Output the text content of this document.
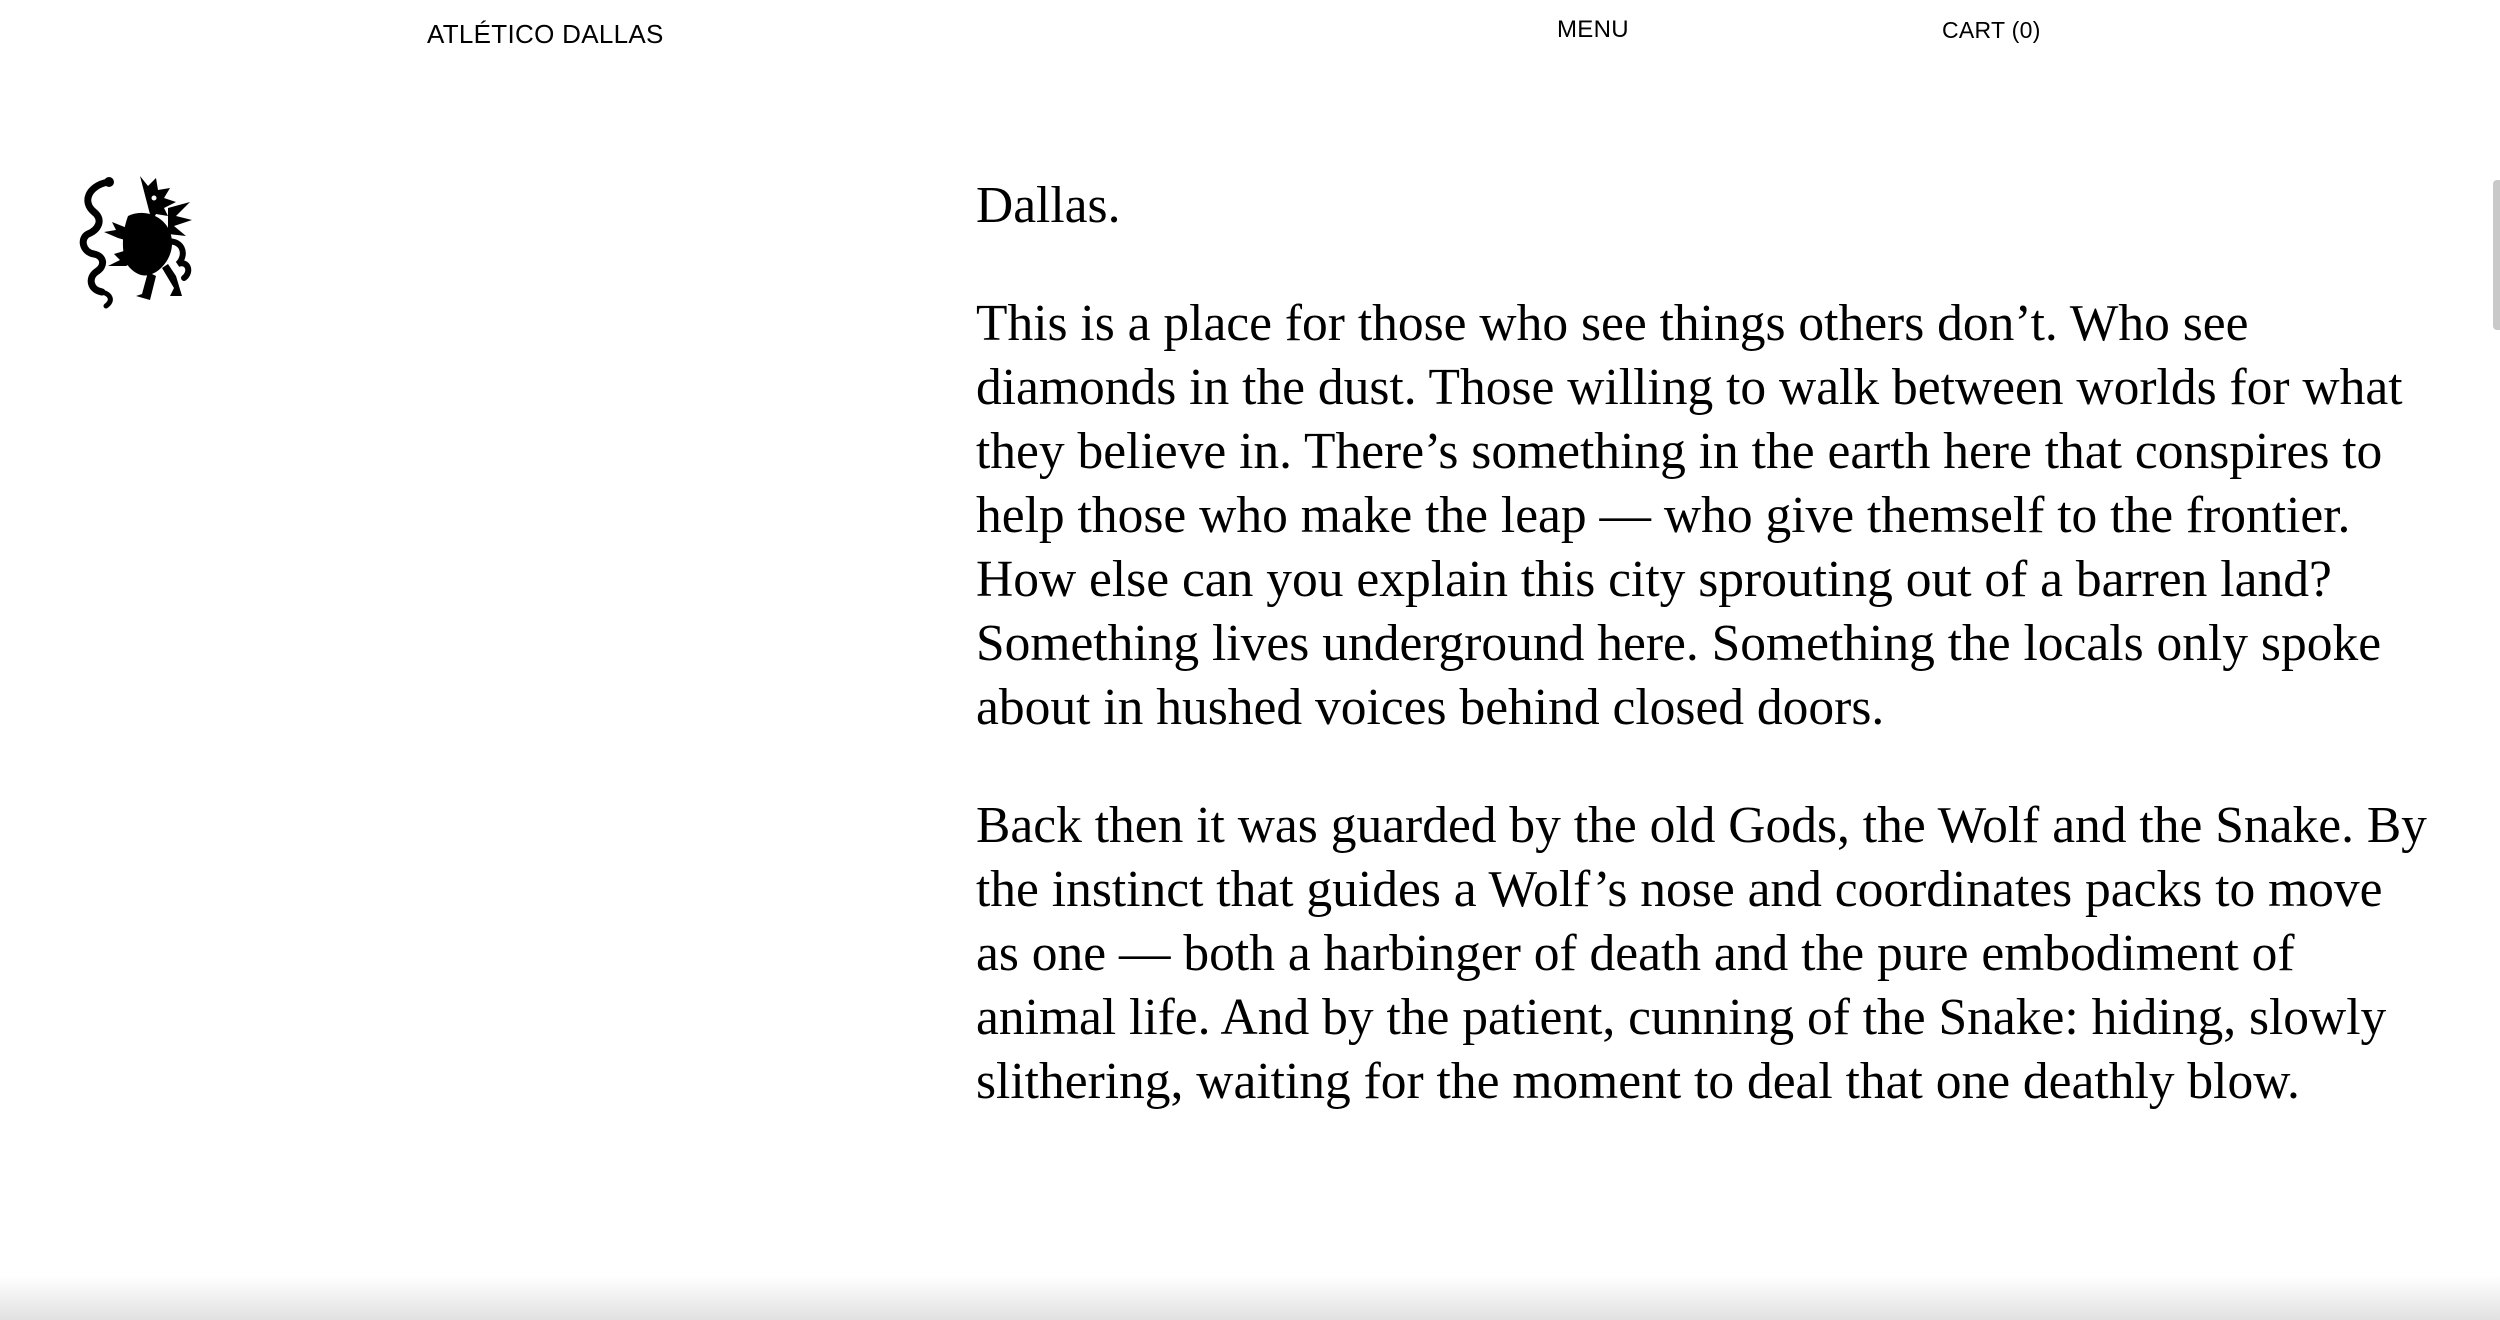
ATLÉTICO DALLAS	MENU	CART (0)

Dallas.

This is a place for those who see things others don’t. Who see diamonds in the dust. Those willing to walk between worlds for what they believe in. There’s something in the earth here that conspires to help those who make the leap — who give themself to the frontier. How else can you explain this city sprouting out of a barren land? Something lives underground here. Something the locals only spoke about in hushed voices behind closed doors.

Back then it was guarded by the old Gods, the Wolf and the Snake. By the instinct that guides a Wolf’s nose and coordinates packs to move as one — both a harbinger of death and the pure embodiment of animal life. And by the patient, cunning of the Snake: hiding, slowly slithering, waiting for the moment to deal that one deathly blow.
